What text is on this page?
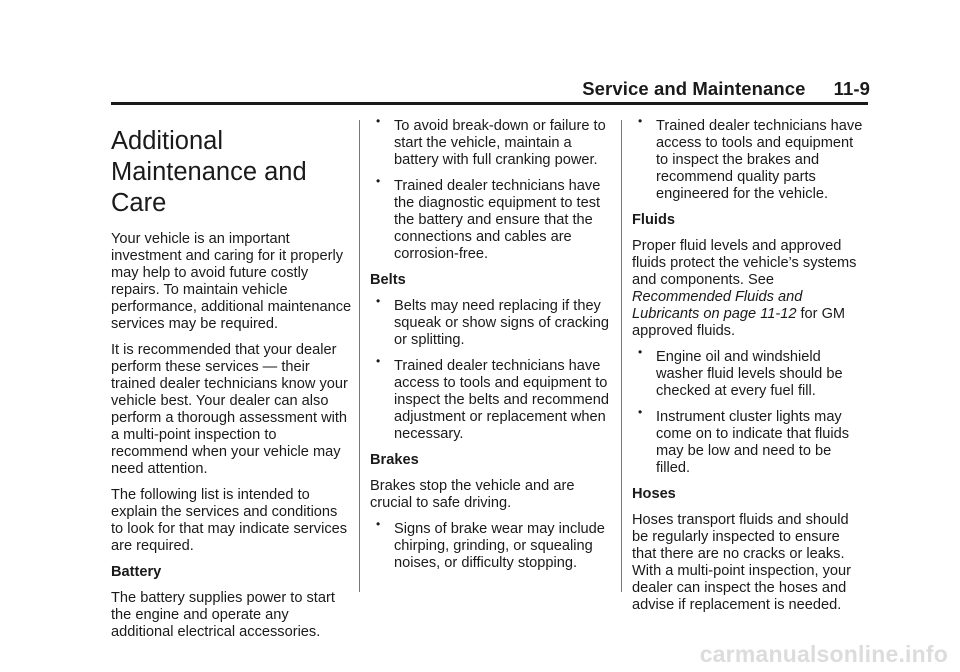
Service and Maintenance 11-9
Additional
Maintenance and Care

Your vehicle is an important investment and caring for it properly may help to avoid future costly repairs. To maintain vehicle performance, additional maintenance services may be required.

It is recommended that your dealer perform these services — their trained dealer technicians know your vehicle best. Your dealer can also perform a thorough assessment with a multi-point inspection to recommend when your vehicle may need attention.

The following list is intended to explain the services and conditions to look for that may indicate services are required.

Battery

The battery supplies power to start the engine and operate any additional electrical accessories.

• To avoid break-down or failure to start the vehicle, maintain a battery with full cranking power.
• Trained dealer technicians have the diagnostic equipment to test the battery and ensure that the connections and cables are corrosion-free.
Belts
• Belts may need replacing if they squeak or show signs of cracking or splitting.
• Trained dealer technicians have access to tools and equipment to inspect the belts and recommend adjustment or replacement when necessary.
Brakes

Brakes stop the vehicle and are crucial to safe driving.

• Signs of brake wear may include chirping, grinding, or squealing noises, or difficulty stopping.
• Trained dealer technicians have access to tools and equipment to inspect the brakes and recommend quality parts engineered for the vehicle.
Fluids

Proper fluid levels and approved fluids protect the vehicle’s systems and components. See Recommended Fluids and Lubricants on page 11-12 for GM approved fluids.

• Engine oil and windshield washer fluid levels should be checked at every fuel fill.
• Instrument cluster lights may come on to indicate that fluids may be low and need to be filled.
Hoses

Hoses transport fluids and should be regularly inspected to ensure that there are no cracks or leaks. With a multi-point inspection, your dealer can inspect the hoses and advise if replacement is needed.

carmanualsonline.info
